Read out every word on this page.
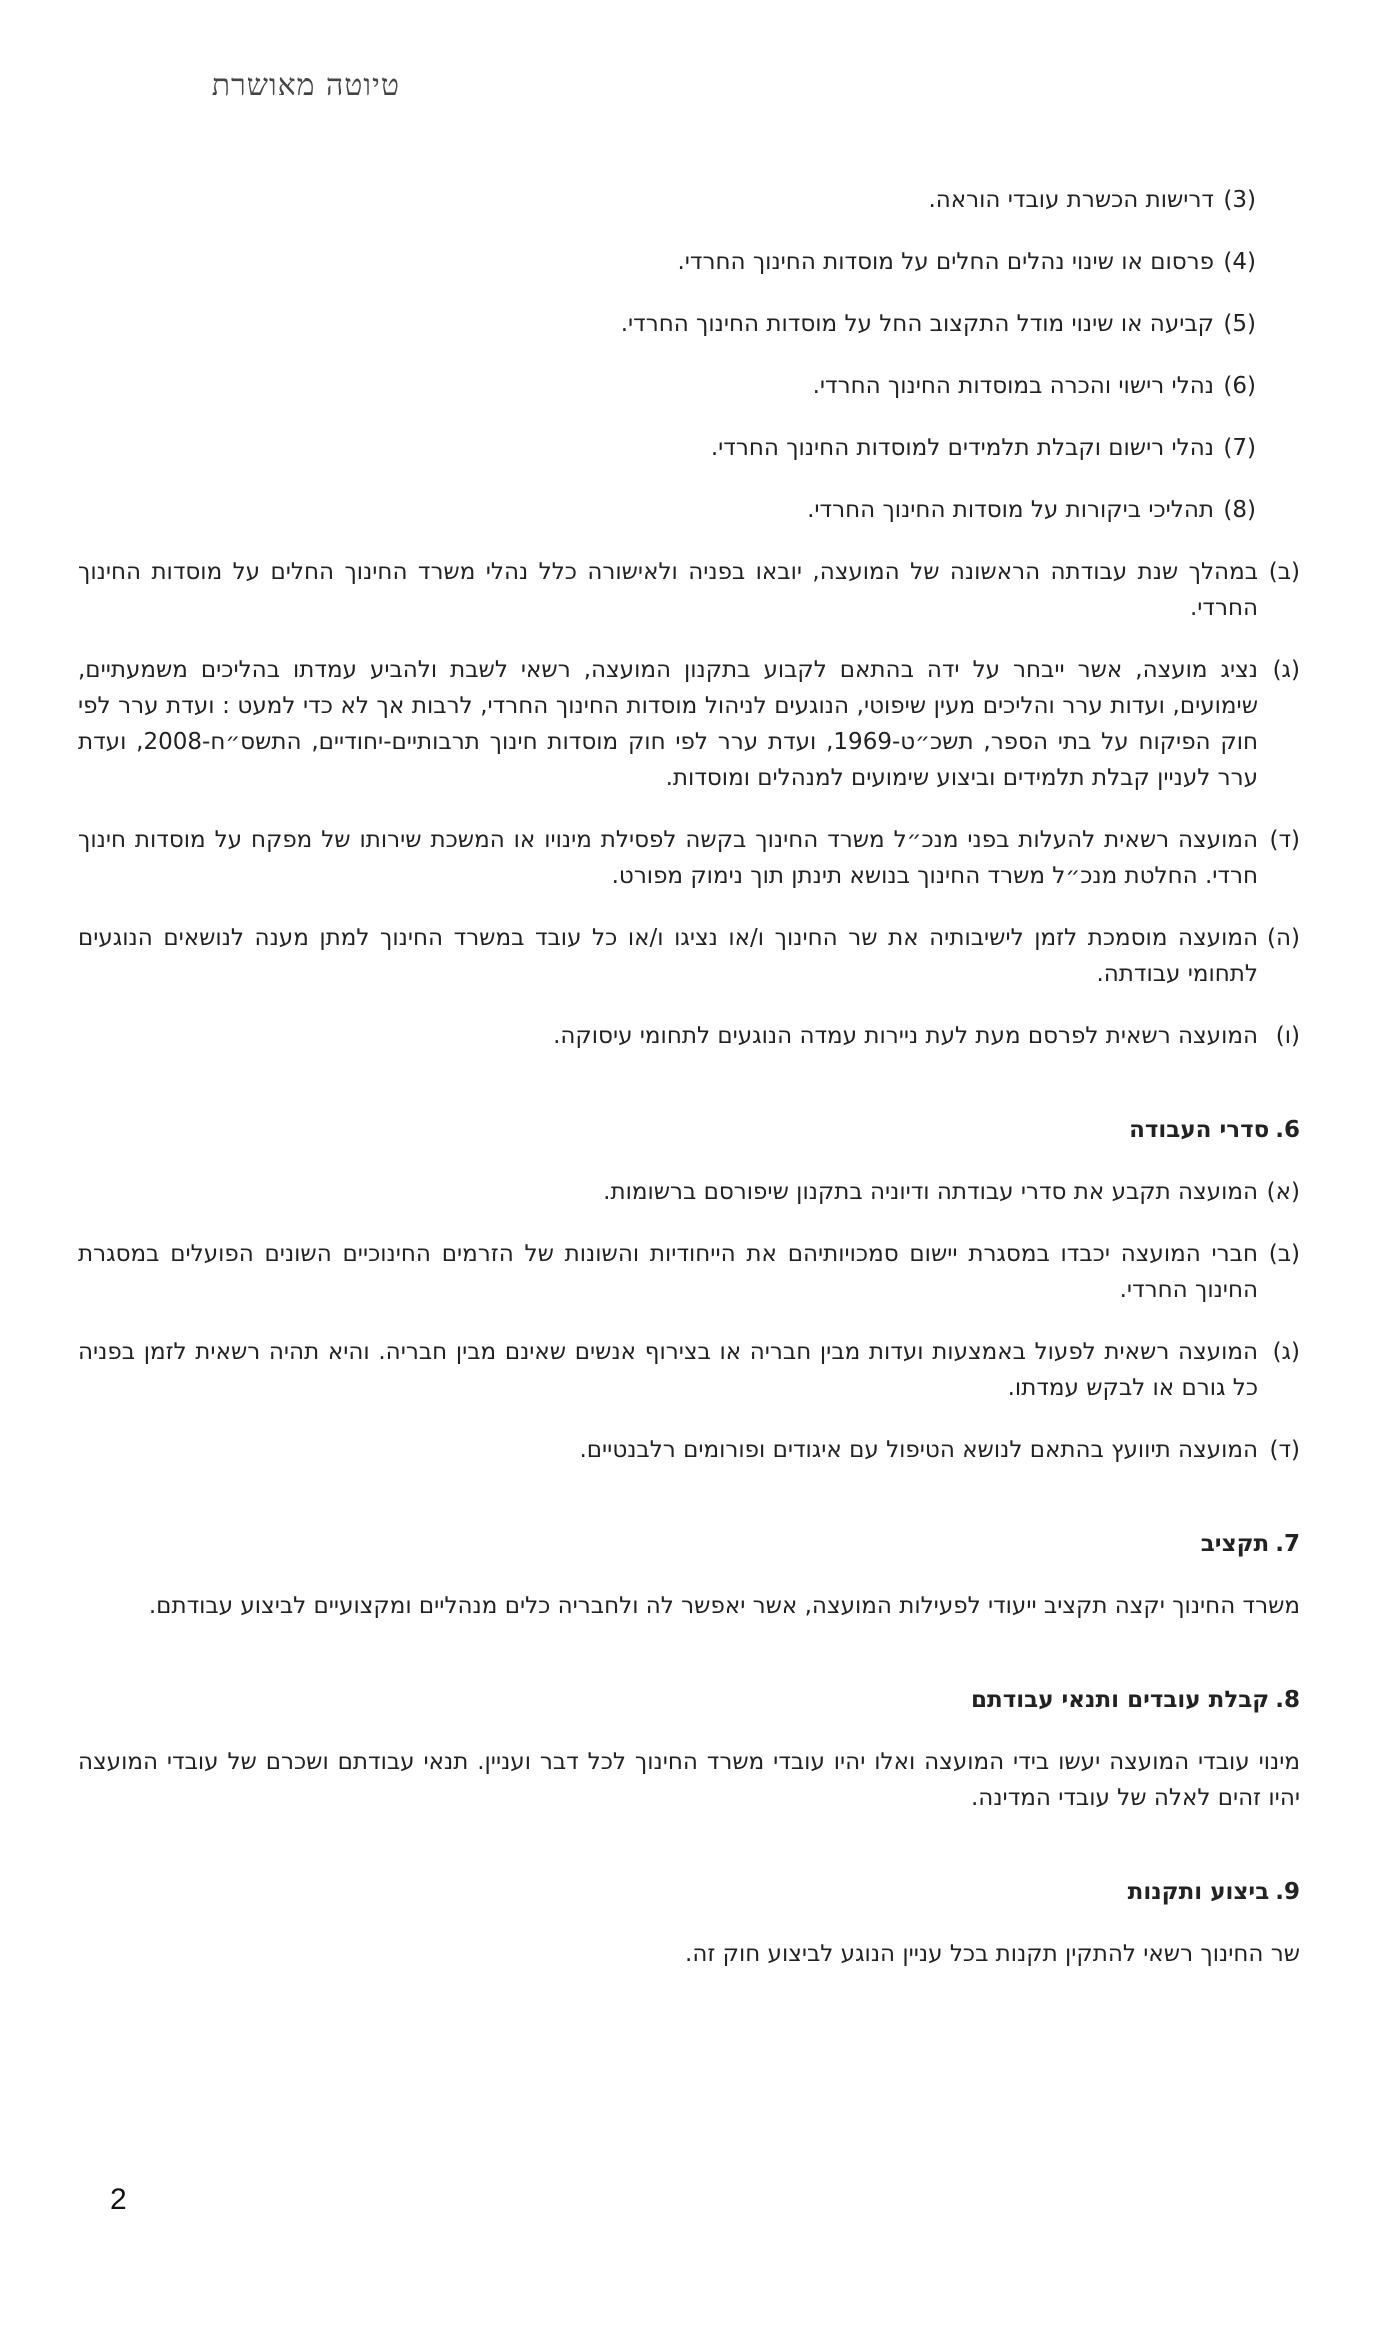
טיוטה מאושרת
(3)
דרישות הכשרת עובדי הוראה.
(4)
פרסום או שינוי נהלים החלים על מוסדות החינוך החרדי.
(5)
קביעה או שינוי מודל התקצוב החל על מוסדות החינוך החרדי.
(6)
נהלי רישוי והכרה במוסדות החינוך החרדי.
(7)
נהלי רישום וקבלת תלמידים למוסדות החינוך החרדי.
(8)
תהליכי ביקורות על מוסדות החינוך החרדי.
(ב)
במהלך שנת עבודתה הראשונה של המועצה, יובאו בפניה ולאישורה כלל נהלי משרד החינוך החלים על מוסדות החינוך החרדי.
(ג)
נציג מועצה, אשר ייבחר על ידה בהתאם לקבוע בתקנון המועצה, רשאי לשבת ולהביע עמדתו בהליכים משמעתיים, שימועים, ועדות ערר והליכים מעין שיפוטי, הנוגעים לניהול מוסדות החינוך החרדי, לרבות אך לא כדי למעט : ועדת ערר לפי חוק הפיקוח על בתי הספר, תשכ״ט-1969, ועדת ערר לפי חוק מוסדות חינוך תרבותיים-יחודיים, התשס״ח-2008, ועדת ערר לעניין קבלת תלמידים וביצוע שימועים למנהלים ומוסדות.
(ד)
המועצה רשאית להעלות בפני מנכ״ל משרד החינוך בקשה לפסילת מינויו או המשכת שירותו של מפקח על מוסדות חינוך חרדי. החלטת מנכ״ל משרד החינוך בנושא תינתן תוך נימוק מפורט.
(ה)
המועצה מוסמכת לזמן לישיבותיה את שר החינוך ו/או נציגו ו/או כל עובד במשרד החינוך למתן מענה לנושאים הנוגעים לתחומי עבודתה.
(ו)
המועצה רשאית לפרסם מעת לעת ניירות עמדה הנוגעים לתחומי עיסוקה.
6.
סדרי העבודה
(א)
המועצה תקבע את סדרי עבודתה ודיוניה בתקנון שיפורסם ברשומות.
(ב)
חברי המועצה יכבדו במסגרת יישום סמכויותיהם את הייחודיות והשונות של הזרמים החינוכיים השונים הפועלים במסגרת החינוך החרדי.
(ג)
המועצה רשאית לפעול באמצעות ועדות מבין חבריה או בצירוף אנשים שאינם מבין חבריה. והיא תהיה רשאית לזמן בפניה כל גורם או לבקש עמדתו.
(ד)
המועצה תיוועץ בהתאם לנושא הטיפול עם איגודים ופורומים רלבנטיים.
7.
תקציב
משרד החינוך יקצה תקציב ייעודי לפעילות המועצה, אשר יאפשר לה ולחבריה כלים מנהליים ומקצועיים לביצוע עבודתם.
8.
קבלת עובדים ותנאי עבודתם
מינוי עובדי המועצה יעשו בידי המועצה ואלו יהיו עובדי משרד החינוך לכל דבר ועניין. תנאי עבודתם ושכרם של עובדי המועצה יהיו זהים לאלה של עובדי המדינה.
9.
ביצוע ותקנות
שר החינוך רשאי להתקין תקנות בכל עניין הנוגע לביצוע חוק זה.
2
